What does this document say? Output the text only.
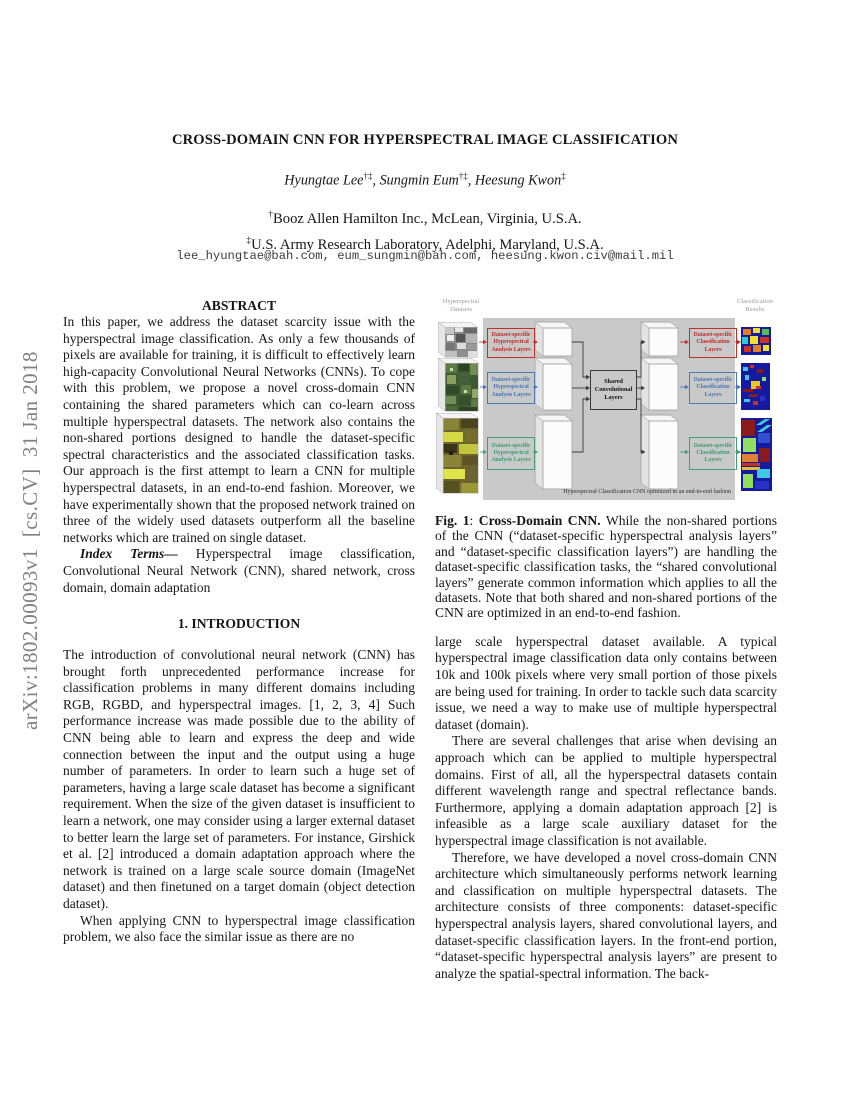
arXiv:1802.00093v1  [cs.CV]  31 Jan 2018
CROSS-DOMAIN CNN FOR HYPERSPECTRAL IMAGE CLASSIFICATION
Hyungtae Lee†‡, Sungmin Eum†‡, Heesung Kwon‡
†Booz Allen Hamilton Inc., McLean, Virginia, U.S.A.
‡U.S. Army Research Laboratory, Adelphi, Maryland, U.S.A.
lee_hyungtae@bah.com, eum_sungmin@bah.com, heesung.kwon.civ@mail.mil
ABSTRACT

In this paper, we address the dataset scarcity issue with the hyperspectral image classification. As only a few thousands of pixels are available for training, it is difficult to effectively learn high-capacity Convolutional Neural Networks (CNNs). To cope with this problem, we propose a novel cross-domain CNN containing the shared parameters which can co-learn across multiple hyperspectral datasets. The network also contains the non-shared portions designed to handle the dataset-specific spectral characteristics and the associated classification tasks. Our approach is the first attempt to learn a CNN for multiple hyperspectral datasets, in an end-to-end fashion. Moreover, we have experimentally shown that the proposed network trained on three of the widely used datasets outperform all the baseline networks which are trained on single dataset.

Index Terms— Hyperspectral image classification, Convolutional Neural Network (CNN), shared network, cross domain, domain adaptation

1. INTRODUCTION

The introduction of convolutional neural network (CNN) has brought forth unprecedented performance increase for classification problems in many different domains including RGB, RGBD, and hyperspectral images. [1, 2, 3, 4] Such performance increase was made possible due to the ability of CNN being able to learn and express the deep and wide connection between the input and the output using a huge number of parameters. In order to learn such a huge set of parameters, having a large scale dataset has become a significant requirement. When the size of the given dataset is insufficient to learn a network, one may consider using a larger external dataset to better learn the large set of parameters. For instance, Girshick et al. [2] introduced a domain adaptation approach where the network is trained on a large scale source domain (ImageNet dataset) and then finetuned on a target domain (object detection dataset).

When applying CNN to hyperspectral image classification problem, we also face the similar issue as there are no

Hyperspectral
Datasets
Classification
Results
Dataset-specific
Hyperspectral
Analysis Layers
Dataset-specific
Hyperspectral
Analysis Layers
Dataset-specific
Hyperspectral
Analysis Layers
Shared
Convolutional
Layers
Dataset-specific
Classification
Layers
Dataset-specific
Classification
Layers
Dataset-specific
Classification
Layers
Hyperspectral Classification CNN optimized in an end-to-end fashion

Fig. 1: Cross-Domain CNN. While the non-shared portions of the CNN (“dataset-specific hyperspectral analysis layers” and “dataset-specific classification layers”) are handling the dataset-specific classification tasks, the “shared convolutional layers” generate common information which applies to all the datasets. Note that both shared and non-shared portions of the CNN are optimized in an end-to-end fashion.

large scale hyperspectral dataset available. A typical hyperspectral image classification data only contains between 10k and 100k pixels where very small portion of those pixels are being used for training. In order to tackle such data scarcity issue, we need a way to make use of multiple hyperspectral dataset (domain).

There are several challenges that arise when devising an approach which can be applied to multiple hyperspectral domains. First of all, all the hyperspectral datasets contain different wavelength range and spectral reflectance bands. Furthermore, applying a domain adaptation approach [2] is infeasible as a large scale auxiliary dataset for the hyperspectral image classification is not available.

Therefore, we have developed a novel cross-domain CNN architecture which simultaneously performs network learning and classification on multiple hyperspectral datasets. The architecture consists of three components: dataset-specific hyperspectral analysis layers, shared convolutional layers, and dataset-specific classification layers. In the front-end portion, “dataset-specific hyperspectral analysis layers” are present to analyze the spatial-spectral information. The back-
